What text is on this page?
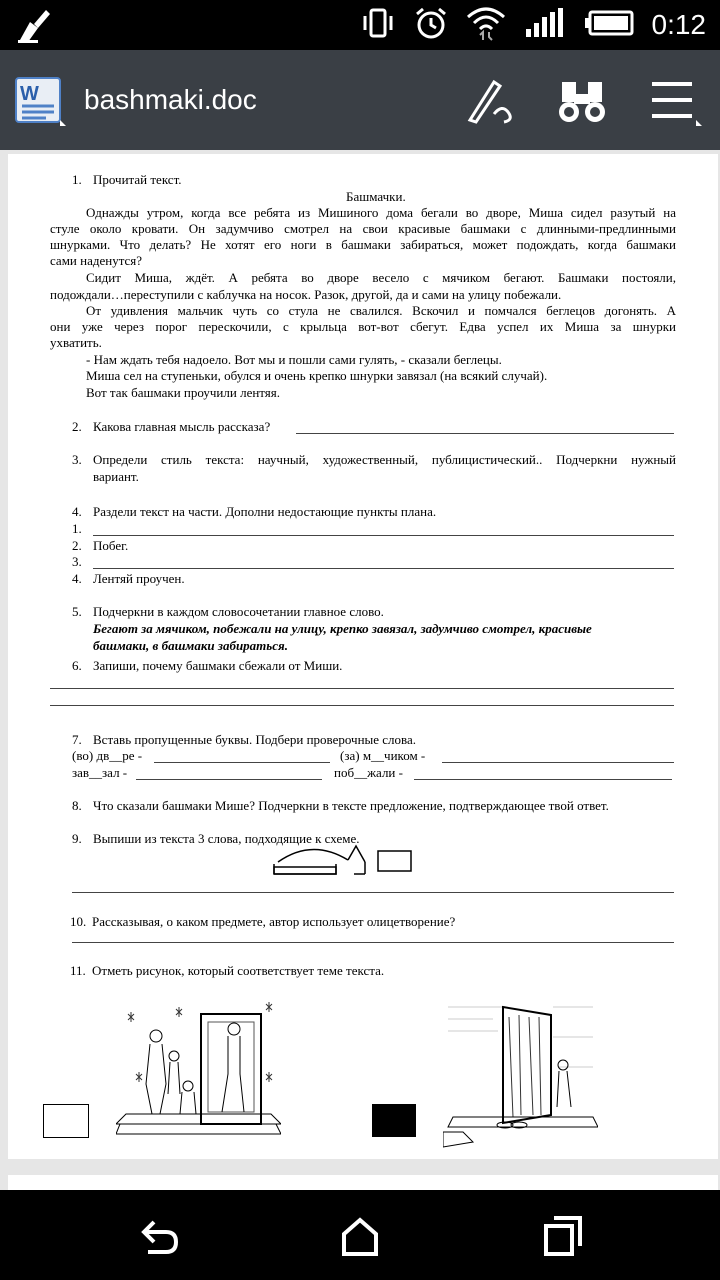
0:12
W bashmaki.doc
1. Прочитай текст.
Башмачки.
Однажды утром, когда все ребята из Мишиного дома бегали во дворе, Миша сидел разутый на
стуле около кровати. Он задумчиво смотрел на свои красивые башмаки с длинными-предлинными
шнурками. Что делать? Не хотят его ноги в башмаки забираться, может подождать, когда башмаки
сами наденутся?
Сидит Миша, ждёт. А ребята во дворе весело с мячиком бегают. Башмаки постояли,
подождали…переступили с каблучка на носок. Разок, другой, да и сами на улицу побежали.
От удивления мальчик чуть со стула не свалился. Вскочил и помчался беглецов догонять. А
они уже через порог перескочили, с крыльца вот-вот сбегут. Едва успел их Миша за шнурки
ухватить.
- Нам ждать тебя надоело. Вот мы и пошли сами гулять, - сказали беглецы.
Миша сел на ступеньки, обулся и очень крепко шнурки завязал (на всякий случай).
Вот так башмаки проучили лентяя.
2. Какова главная мысль рассказа?
3. Определи стиль текста: научный, художественный, публицистический.. Подчеркни нужный
вариант.
4. Раздели текст на части. Дополни недостающие пункты плана.
1.
2. Побег.
3.
4. Лентяй проучен.
5. Подчеркни в каждом словосочетании главное слово.
Бегают за мячиком, побежали на улицу, крепко завязал, задумчиво смотрел, красивые
башмаки, в башмаки забираться.
6. Запиши, почему башмаки сбежали от Миши.
7. Вставь пропущенные буквы. Подбери проверочные слова.
(во) дв__ре -	(за) м__чиком -
зав__зал -	поб__жали -
8. Что сказали башмаки Мише? Подчеркни в тексте предложение, подтверждающее твой ответ.
9. Выпиши из текста 3 слова, подходящие к схеме.
10. Рассказывая, о каком предмете, автор использует олицетворение?
11. Отметь рисунок, который соответствует теме текста.
